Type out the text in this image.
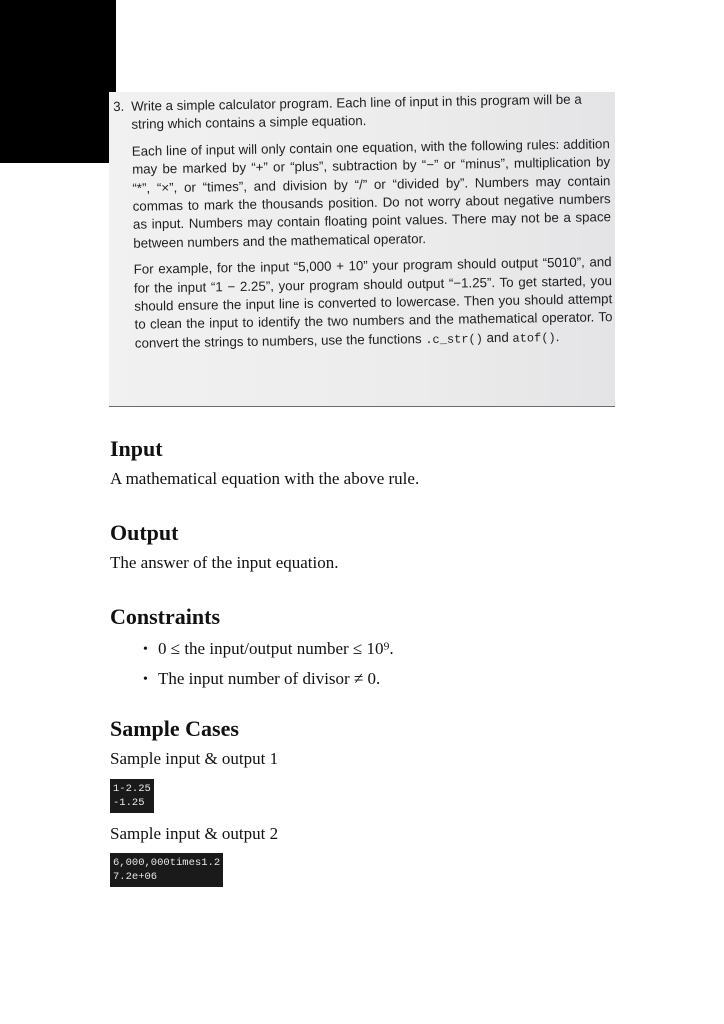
3. Write a simple calculator program. Each line of input in this program will be a string which contains a simple equation.
Each line of input will only contain one equation, with the following rules: addition may be marked by “+” or “plus”, subtraction by “−” or “minus”, multiplication by “*”, “×”, or “times”, and division by “/” or “divided by”. Numbers may contain commas to mark the thousands position. Do not worry about negative numbers as input. Numbers may contain floating point values. There may not be a space between numbers and the mathematical operator.
For example, for the input “5,000 + 10” your program should output “5010”, and for the input “1 − 2.25”, your program should output “−1.25”. To get started, you should ensure the input line is converted to lowercase. Then you should attempt to clean the input to identify the two numbers and the mathematical operator. To convert the strings to numbers, use the functions .c_str() and atof().
Input

A mathematical equation with the above rule.

Output

The answer of the input equation.

Constraints
• 0 ≤ the input/output number ≤ 10⁹.
• The input number of divisor ≠ 0.
Sample Cases

Sample input & output 1

1-2.25
-1.25

Sample input & output 2

6,000,000times1.2
7.2e+06
